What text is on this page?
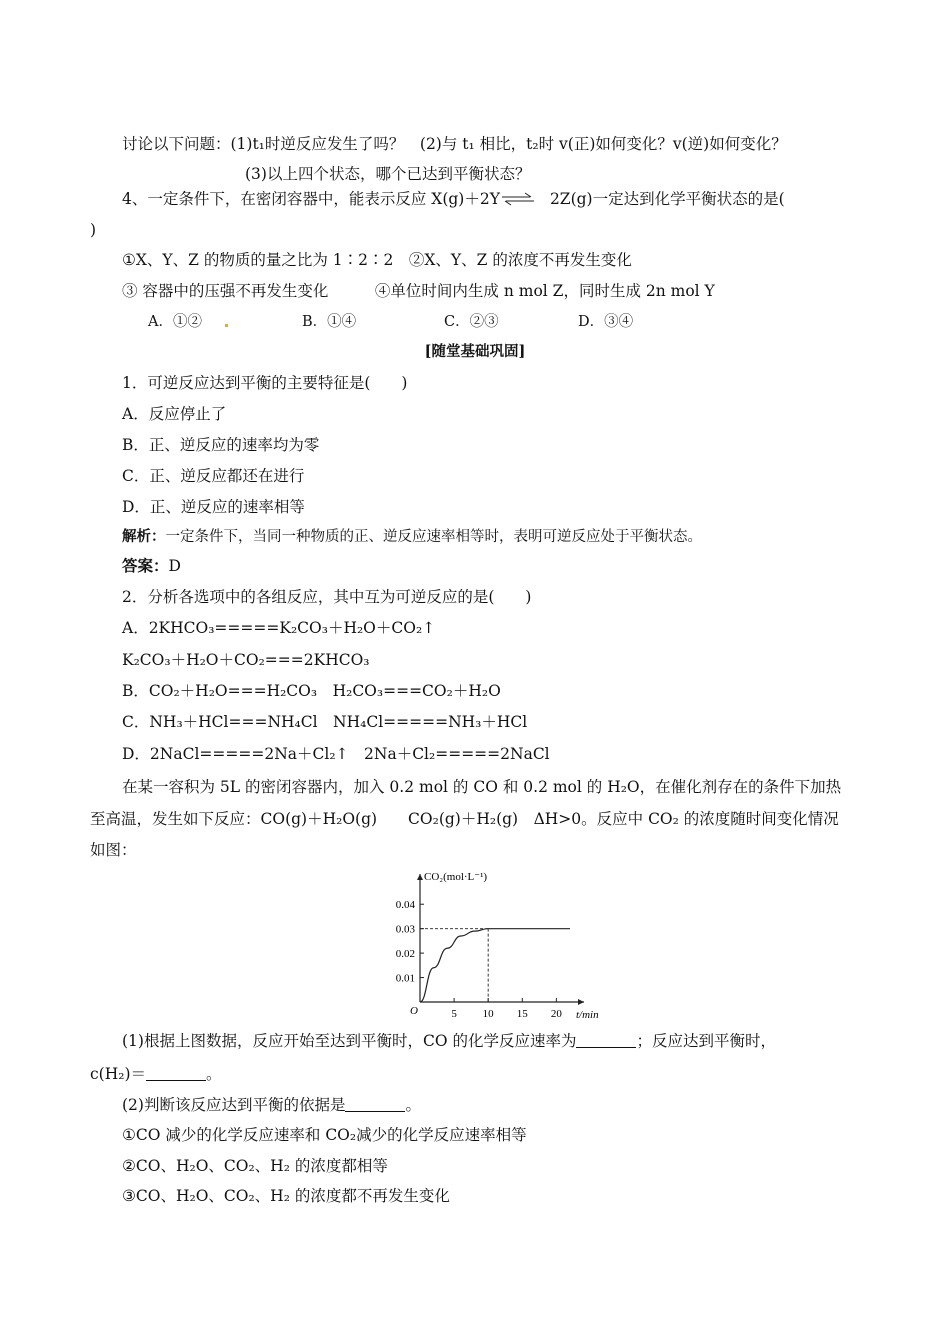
讨论以下问题：(1)t₁时逆反应发生了吗？　(2)与 t₁ 相比，t₂时 v(正)如何变化？v(逆)如何变化？
(3)以上四个状态，哪个已达到平衡状态？
4、一定条件下，在密闭容器中，能表示反应 X(g)＋2Y⇌ 2Z(g)一定达到化学平衡状态的是(
)
①X、Y、Z 的物质的量之比为 1∶2∶2　②X、Y、Z 的浓度不再发生变化
③ 容器中的压强不再发生变化　　　④单位时间内生成 n mol Z，同时生成 2n mol Y
A．①②	B．①④	C．②③	D．③④
[随堂基础巩固]
1．可逆反应达到平衡的主要特征是(　　)
A．反应停止了
B．正、逆反应的速率均为零
C．正、逆反应都还在进行
D．正、逆反应的速率相等
解析：一定条件下，当同一种物质的正、逆反应速率相等时，表明可逆反应处于平衡状态。
答案：D
2．分析各选项中的各组反应，其中互为可逆反应的是(　　)
A．2KHCO₃=====K₂CO₃＋H₂O＋CO₂↑
K₂CO₃＋H₂O＋CO₂===2KHCO₃
B．CO₂＋H₂O===H₂CO₃　H₂CO₃===CO₂＋H₂O
C．NH₃＋HCl===NH₄Cl　NH₄Cl=====NH₃＋HCl
D．2NaCl=====2Na＋Cl₂↑　2Na＋Cl₂=====2NaCl
在某一容积为 5L 的密闭容器内，加入 0.2 mol 的 CO 和 0.2 mol 的 H₂O，在催化剂存在的条件下加热
至高温，发生如下反应：CO(g)＋H₂O(g)　　CO₂(g)＋H₂(g)　ΔH>0。反应中 CO₂ 的浓度随时间变化情况
如图：
0.01
0.02
0.03
0.04
5 10 15 20
O
CO₂(mol·L⁻¹)
t/min
(1)根据上图数据，反应开始至达到平衡时，CO 的化学反应速率为	；反应达到平衡时，
c(H₂)＝	。
(2)判断该反应达到平衡的依据是	。
①CO 减少的化学反应速率和 CO₂减少的化学反应速率相等
②CO、H₂O、CO₂、H₂ 的浓度都相等
③CO、H₂O、CO₂、H₂ 的浓度都不再发生变化
